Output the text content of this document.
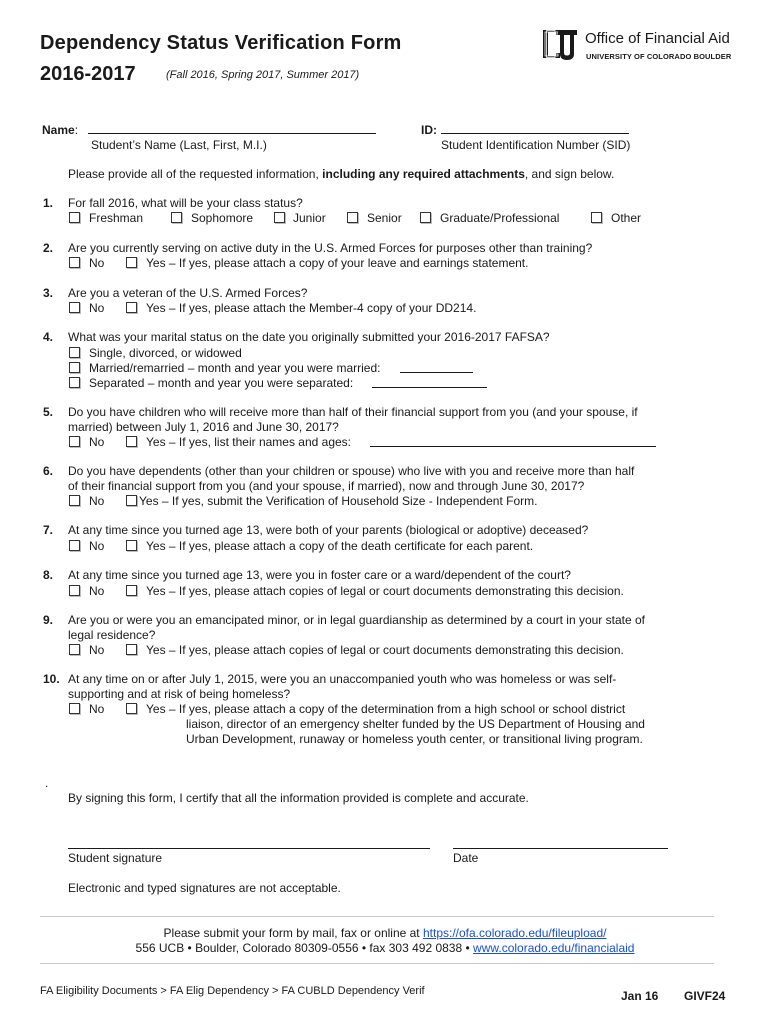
Dependency Status Verification Form
2016-2017	(Fall 2016, Spring 2017, Summer 2017)
Office of Financial Aid
UNIVERSITY OF COLORADO BOULDER
Name:
Student’s Name (Last, First, M.I.)
ID:
Student Identification Number (SID)
Please provide all of the requested information, including any required attachments, and sign below.
1. For fall 2016, what will be your class status?
Freshman	Sophomore	Junior	Senior	Graduate/Professional	Other
2. Are you currently serving on active duty in the U.S. Armed Forces for purposes other than training?
No	Yes – If yes, please attach a copy of your leave and earnings statement.
3. Are you a veteran of the U.S. Armed Forces?
No	Yes – If yes, please attach the Member-4 copy of your DD214.
4. What was your marital status on the date you originally submitted your 2016-2017 FAFSA?
Single, divorced, or widowed
Married/remarried – month and year you were married:
Separated – month and year you were separated:
5. Do you have children who will receive more than half of their financial support from you (and your spouse, if
married) between July 1, 2016 and June 30, 2017?
No	Yes – If yes, list their names and ages:
6. Do you have dependents (other than your children or spouse) who live with you and receive more than half
of their financial support from you (and your spouse, if married), now and through June 30, 2017?
No	Yes – If yes, submit the Verification of Household Size - Independent Form.
7. At any time since you turned age 13, were both of your parents (biological or adoptive) deceased?
No	Yes – If yes, please attach a copy of the death certificate for each parent.
8. At any time since you turned age 13, were you in foster care or a ward/dependent of the court?
No	Yes – If yes, please attach copies of legal or court documents demonstrating this decision.
9. Are you or were you an emancipated minor, or in legal guardianship as determined by a court in your state of
legal residence?
No	Yes – If yes, please attach copies of legal or court documents demonstrating this decision.
10. At any time on or after July 1, 2015, were you an unaccompanied youth who was homeless or was self-
supporting and at risk of being homeless?
No	Yes – If yes, please attach a copy of the determination from a high school or school district
liaison, director of an emergency shelter funded by the US Department of Housing and
Urban Development, runaway or homeless youth center, or transitional living program.
.
By signing this form, I certify that all the information provided is complete and accurate.
Student signature	Date
Electronic and typed signatures are not acceptable.
Please submit your form by mail, fax or online at https://ofa.colorado.edu/fileupload/
556 UCB • Boulder, Colorado 80309-0556 • fax 303 492 0838 • www.colorado.edu/financialaid
FA Eligibility Documents > FA Elig Dependency > FA CUBLD Dependency Verif	Jan 16 GIVF24
